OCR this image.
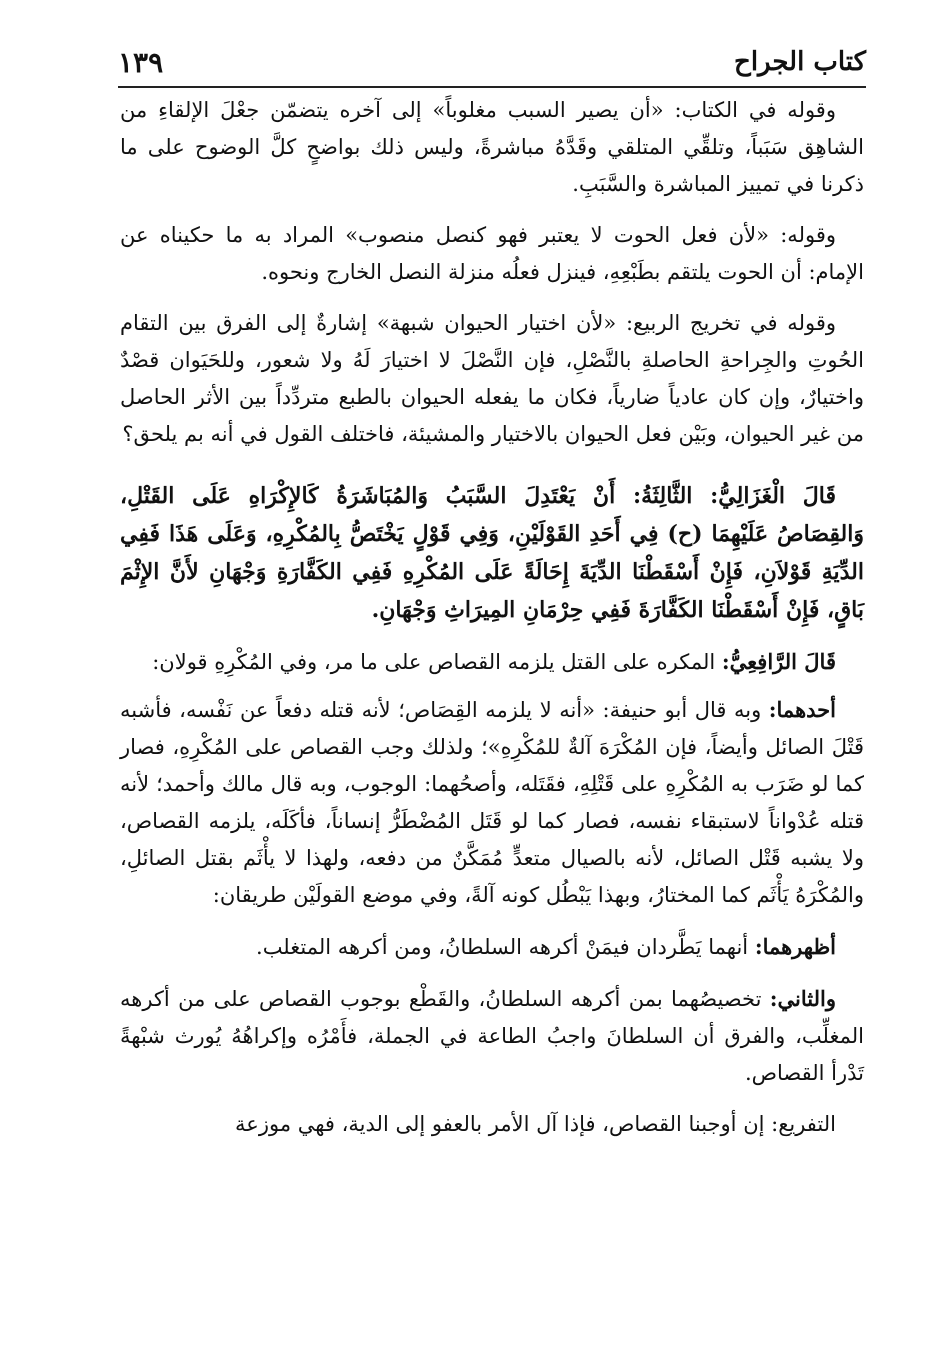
كتاب الجراح
١٣٩

وقوله في الكتاب: «أن يصير السبب مغلوباً» إلى آخره يتضمّن جعْلَ الإلقاءِ من الشاهِق سَبَباً، وتلقِّي المتلقي وقَدَّهُ مباشرةً، وليس ذلك بواضحٍ كلَّ الوضوح على ما ذكرنا في تمييز المباشرة والسَّبَبِ.

وقوله: «لأن فعل الحوت لا يعتبر فهو كنصل منصوب» المراد به ما حكيناه عن الإمام: أن الحوت يلتقم بطَبْعِهِ، فينزل فعلُه منزلة النصل الخارج ونحوه.

وقوله في تخريج الربيع: «لأن اختيار الحيوان شبهة» إشارةٌ إلى الفرق بين التقام الحُوتِ والجِراحةِ الحاصلةِ بالنَّصْلِ، فإن النَّصْلَ لا اختيارَ لَهُ ولا شعور، وللحَيَوان قصْدٌ واختيارٌ، وإن كان عادياً ضارياً، فكان ما يفعله الحيوان بالطبع متردِّداً بين الأثر الحاصل من غير الحيوان، وبَيْن فعل الحيوان بالاختيار والمشيئة، فاختلف القول في أنه بم يلحق؟

قَالَ الْغَزَالِيُّ: الثَّالِثَةُ: أَنْ يَعْتَدِلَ السَّبَبُ وَالمُبَاشَرَةُ كَالإِكْرَاهِ عَلَى القَتْلِ، وَالقِصَاصُ عَلَيْهِمَا (ح) فِي أَحَدِ القَوْلَيْنِ، وَفِي قَوْلٍ يَخْتَصُّ بِالمُكْرِهِ، وَعَلَى هَذَا فَفِي الدِّيَةِ قَوْلاَنِ، فَإِنْ أَسْقَطْنَا الدِّيَةَ إِحَالَةً عَلَى المُكْرِهِ فَفِي الكَفَّارَةِ وَجْهَانِ لأَنَّ الإِثْمَ بَاقٍ، فَإِنْ أَسْقَطْنَا الكَفَّارَةَ فَفِي حِرْمَانِ المِيرَاثِ وَجْهَانِ.

قَالَ الرَّافِعِيُّ: المكره على القتل يلزمه القصاص على ما مر، وفي المُكْرِهِ قولان:

أحدهما: وبه قال أبو حنيفة: «أنه لا يلزمه القِصَاص؛ لأنه قتله دفعاً عن نَفْسه، فأشبه قَتْلَ الصائل وأيضاً، فإن المُكْرَهَ آلةٌ للمُكْرِهِ»؛ ولذلك وجب القصاص على المُكْرِهِ، فصار كما لو ضَرَب به المُكْرِهِ على قَتْلِهِ، فقَتَله، وأصحُهما: الوجوب، وبه قال مالك وأحمد؛ لأنه قتله عُدْواناً لاستبقاء نفسه، فصار كما لو قَتَل المُضْطَرُّ إنساناً، فأكَلَه، يلزمه القصاص، ولا يشبه قَتْل الصائل، لأنه بالصيال متعدٍّ مُمَكَّنٌ من دفعه، ولهذا لا يأْثَم بقتل الصائلِ، والمُكْرَهُ يَأْثَم كما المختارُ، وبهذا يَبْطُل كونه آلةً، وفي موضع القولَيْن طريقان:

أظهرهما: أنهما يَطَّردان فيمَنْ أكرهه السلطانُ، ومن أكرهه المتغلب.

والثاني: تخصيصُهما بمن أكرهه السلطانُ، والقَطْع بوجوب القصاص على من أكرهه المغلِّب، والفرق أن السلطانَ واجبُ الطاعة في الجملة، فأَمْرُه وإكراهُهُ يُورث شبْهةً تَدْرأ القصاص.

التفريع: إن أوجبنا القصاص، فإذا آل الأمر بالعفو إلى الدية، فهي موزعة
